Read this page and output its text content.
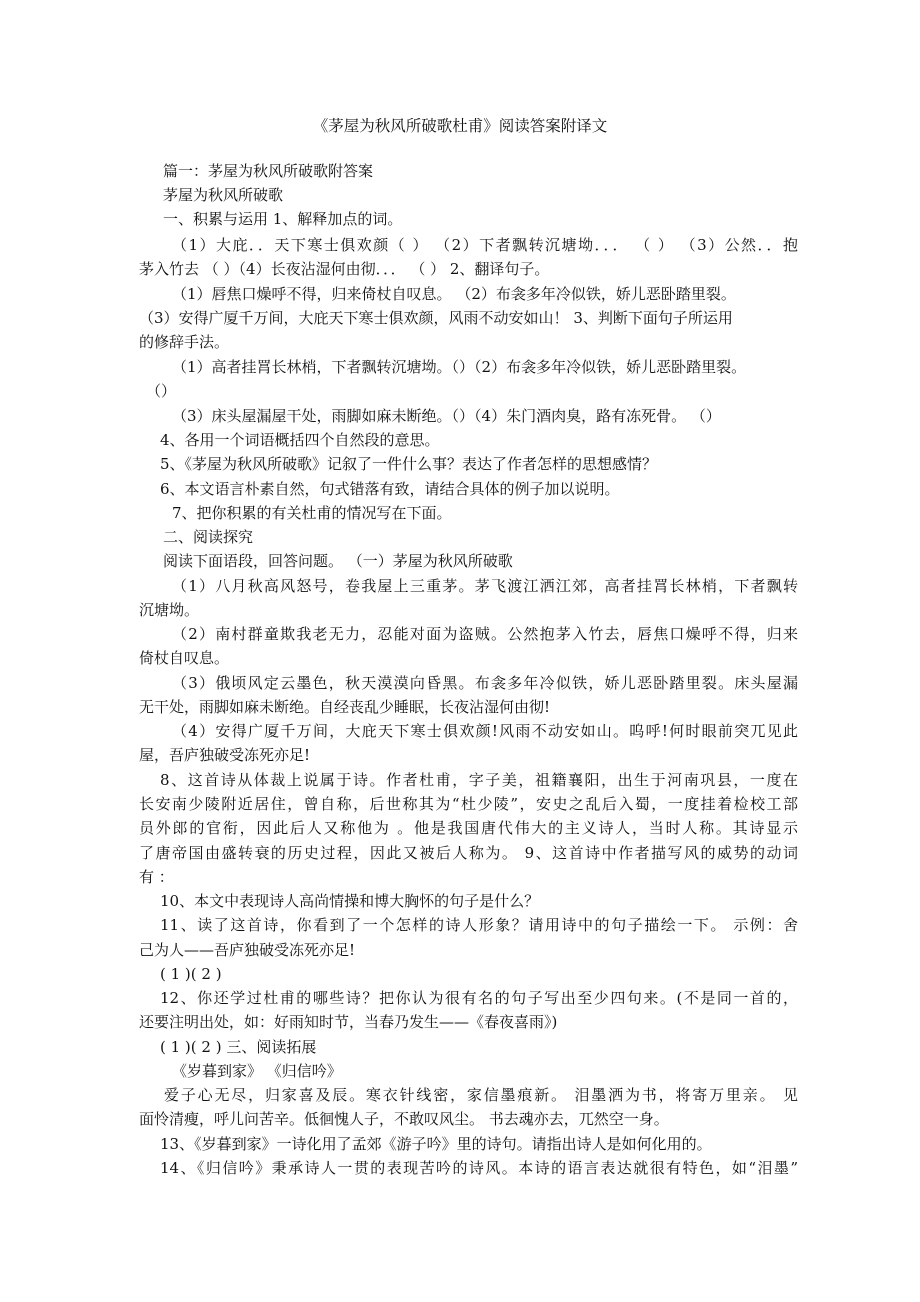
《茅屋为秋风所破歌杜甫》阅读答案附译文
篇一：茅屋为秋风所破歌附答案
茅屋为秋风所破歌
一、积累与运用 1、解释加点的词。
（1）大庇．．天下寒士俱欢颜（ ） （2）下者飘转沉塘坳．．． （ ） （3）公然．．抱
茅入竹去 （ ）（4）长夜沾湿何由彻．．． （ ） 2、翻译句子。
（1）唇焦口燥呼不得，归来倚杖自叹息。 （2）布衾多年冷似铁，娇儿恶卧踏里裂。
（3）安得广厦千万间，大庇天下寒士俱欢颜，风雨不动安如山！ 3、判断下面句子所运用
的修辞手法。
（1）高者挂罥长林梢，下者飘转沉塘坳。（）（2）布衾多年冷似铁，娇儿恶卧踏里裂。
（）
（3）床头屋漏屋干处，雨脚如麻未断绝。（）（4）朱门酒肉臭，路有冻死骨。 （）
4、各用一个词语概括四个自然段的意思。
5、《茅屋为秋风所破歌》记叙了一件什么事？表达了作者怎样的思想感情？
6、本文语言朴素自然，句式错落有致，请结合具体的例子加以说明。
7、把你积累的有关杜甫的情况写在下面。
二、阅读探究
阅读下面语段，回答问题。 （一）茅屋为秋风所破歌
（1）八月秋高风怒号，卷我屋上三重茅。茅飞渡江洒江郊，高者挂罥长林梢，下者飘转
沉塘坳。
（2）南村群童欺我老无力，忍能对面为盗贼。公然抱茅入竹去，唇焦口燥呼不得，归来
倚杖自叹息。
（3）俄顷风定云墨色，秋天漠漠向昏黑。布衾多年冷似铁，娇儿恶卧踏里裂。床头屋漏
无干处，雨脚如麻未断绝。自经丧乱少睡眠，长夜沾湿何由彻!
（4）安得广厦千万间，大庇天下寒士俱欢颜!风雨不动安如山。呜呼!何时眼前突兀见此
屋，吾庐独破受冻死亦足!
8、这首诗从体裁上说属于诗。作者杜甫，字子美，祖籍襄阳，出生于河南巩县，一度在
长安南少陵附近居住，曾自称，后世称其为“杜少陵”，安史之乱后入蜀，一度挂着检校工部
员外郎的官衔，因此后人又称他为 。他是我国唐代伟大的主义诗人，当时人称。其诗显示
了唐帝国由盛转衰的历史过程，因此又被后人称为。 9、这首诗中作者描写风的威势的动词
有 ：
10、本文中表现诗人高尚情操和博大胸怀的句子是什么？
11、读了这首诗，你看到了一个怎样的诗人形象？请用诗中的句子描绘一下。 示例：舍
己为人——吾庐独破受冻死亦足!
( 1 )( 2 )
12、你还学过杜甫的哪些诗？把你认为很有名的句子写出至少四句来。(不是同一首的，
还要注明出处，如：好雨知时节，当春乃发生——《春夜喜雨》)
( 1 )( 2 ) 三、阅读拓展
《岁暮到家》 《归信吟》
爱子心无尽，归家喜及辰。寒衣针线密，家信墨痕新。 泪墨洒为书，将寄万里亲。 见
面怜清瘦，呼儿问苦辛。低徊愧人子，不敢叹风尘。 书去魂亦去，兀然空一身。
13、《岁暮到家》一诗化用了孟郊《游子吟》里的诗句。请指出诗人是如何化用的。
14、《归信吟》秉承诗人一贯的表现苦吟的诗风。本诗的语言表达就很有特色，如“泪墨”
